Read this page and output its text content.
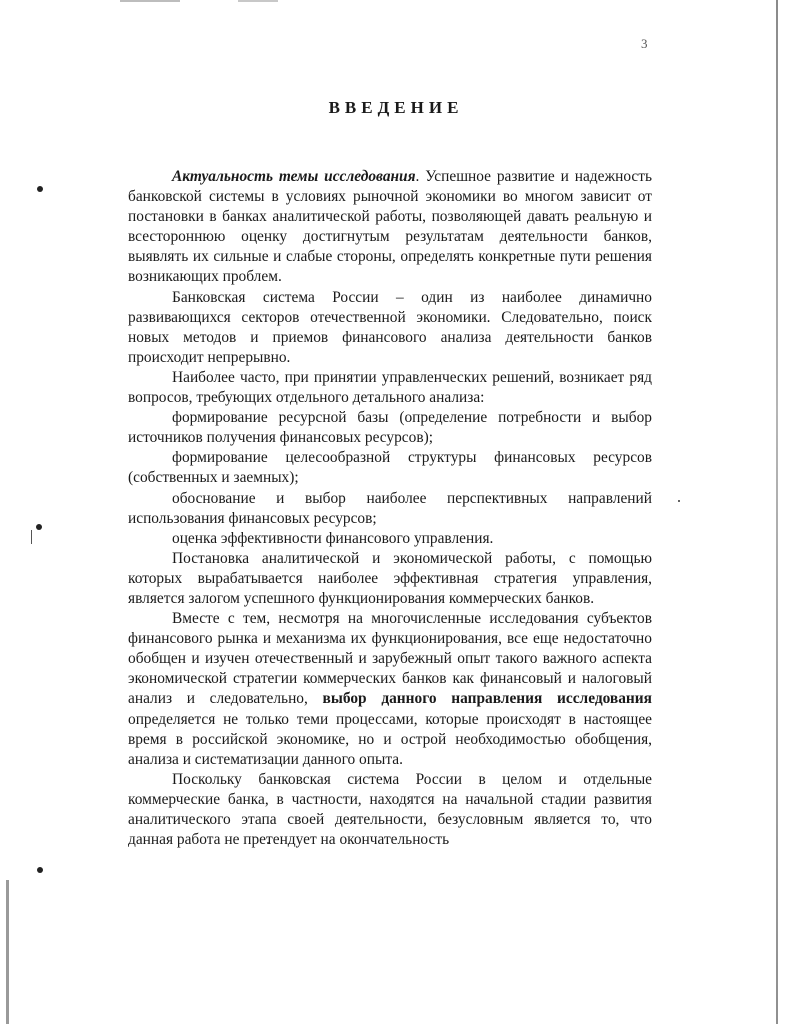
3
ВВЕДЕНИЕ

Актуальность темы исследования. Успешное развитие и надежность банковской системы в условиях рыночной экономики во многом зависит от постановки в банках аналитической работы, позволяющей давать реальную и всестороннюю оценку достигнутым результатам деятельности банков, выявлять их сильные и слабые стороны, определять конкретные пути решения возникающих проблем.

Банковская система России – один из наиболее динамично развивающихся секторов отечественной экономики. Следовательно, поиск новых методов и приемов финансового анализа деятельности банков происходит непрерывно.

Наиболее часто, при принятии управленческих решений, возникает ряд вопросов, требующих отдельного детального анализа:

формирование ресурсной базы (определение потребности и выбор источников получения финансовых ресурсов);

формирование целесообразной структуры финансовых ресурсов (собственных и заемных);

обоснование и выбор наиболее перспективных направлений использования финансовых ресурсов;

оценка эффективности финансового управления.

Постановка аналитической и экономической работы, с помощью которых вырабатывается наиболее эффективная стратегия управления, является залогом успешного функционирования коммерческих банков.

Вместе с тем, несмотря на многочисленные исследования субъектов финансового рынка и механизма их функционирования, все еще недостаточно обобщен и изучен отечественный и зарубежный опыт такого важного аспекта экономической стратегии коммерческих банков как финансовый и налоговый анализ и следовательно, выбор данного направления исследования определяется не только теми процессами, которые происходят в настоящее время в российской экономике, но и острой необходимостью обобщения, анализа и систематизации данного опыта.

Поскольку банковская система России в целом и отдельные коммерческие банка, в частности, находятся на начальной стадии развития аналитического этапа своей деятельности, безусловным является то, что данная работа не претендует на окончательность
